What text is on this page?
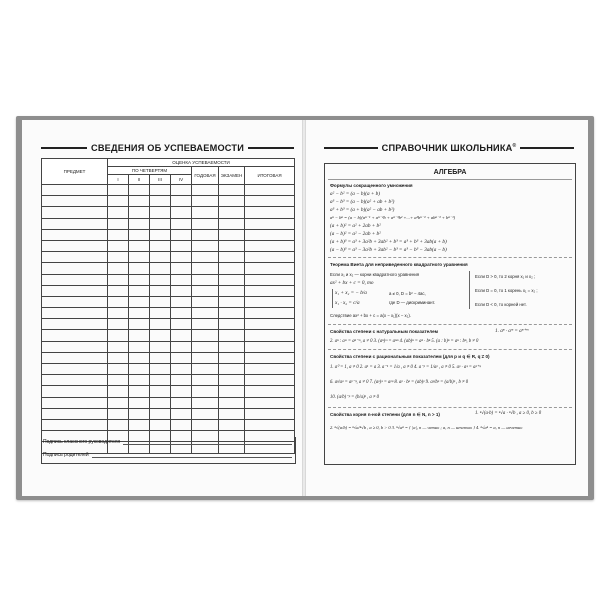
СВЕДЕНИЯ ОБ УСПЕВАЕМОСТИ
ПРЕДМЕТ	ОЦЕНКА УСПЕВАЕМОСТИ						
	ПО ЧЕТВЕРТЯМ				ГОДОВАЯ	ЭКЗАМЕН	ИТОГОВАЯ
	I	II	III	IV			

Подпись классного руководителя
Подпись родителей
СПРАВОЧНИК ШКОЛЬНИКА®
АЛГЕБРА
Формулы сокращенного умножения
a² − b² = (a − b)(a + b)
a³ − b³ = (a − b)(a² + ab + b²)
a³ + b³ = (a + b)(a² − ab + b²)
aⁿ − bⁿ = (a − b)(aⁿ⁻¹ + aⁿ⁻²b + aⁿ⁻³b² +...+ a²bⁿ⁻³ + abⁿ⁻² + bⁿ⁻¹)
(a + b)² = a² + 2ab + b²
(a − b)² = a² − 2ab + b²
(a + b)³ = a³ + 3a²b + 3ab² + b³ = a³ + b³ + 3ab(a + b)
(a − b)³ = a³ − 3a²b + 3ab² − b³ = a³ − b³ − 3ab(a − b)
Теорема Виета для неприведенного квадратного уравнения
Если x₁ и x₂ — корни квадратного уравнения
ax² + bx + c = 0, то
x₁ + x₂ = − b/a
x₁ · x₂ = c/a
a ≠ 0, D = b² − 4ac,
где D — дискриминант.
Следствие ax² + bx + c = a(x − x₁)(x − x₂).
Если D > 0, то 2 корня x₁ и x₂ ;
Если D = 0, то 1 корень x₁ = x₂ ;
Если D < 0, то корней нет.
Свойства степени с натуральным показателем	1. aⁿ · aᵐ = aⁿ⁺ᵐ
2. aⁿ : aᵐ = aⁿ⁻ᵐ, a ≠ 0 3. (aⁿ)ᵐ = aⁿᵐ 4. (ab)ⁿ = aⁿ · bⁿ 5. (a : b)ⁿ = aⁿ : bⁿ, b ≠ 0
Свойства степени с рациональным показателем (для p и q ∈ R, q ≠ 0)
1. a⁰ = 1, a ≠ 0 2. a¹ = a 3. a⁻¹ = 1/a , a ≠ 0 4. a⁻ᵖ = 1/aᵖ , a ≠ 0 5. aᵖ · aᵠ = aᵖ⁺ᵠ
6. aᵖ/aᵠ = aᵖ⁻ᵠ, a ≠ 0 7. (aᵖ)ᵠ = aᵖᵠ 8. aᵖ · bᵖ = (ab)ᵖ 9. aᵖ/bᵖ = (a/b)ᵖ , b ≠ 0
10. (a/b)⁻ᵖ = (b/a)ᵖ , a ≠ 0
Свойства корня n-ной степени (для n ∈ N, n > 1)	1. ⁿ√(a·b) = ⁿ√a · ⁿ√b , a ≥ 0, b ≥ 0
2. ⁿ√(a/b) = ⁿ√a/ⁿ√b , a ≥ 0, b > 0 3. ⁿ√aⁿ = { |a|, n — четно ; a, n — нечетно } 4. ⁿ√aⁿ = a, n — нечетно
